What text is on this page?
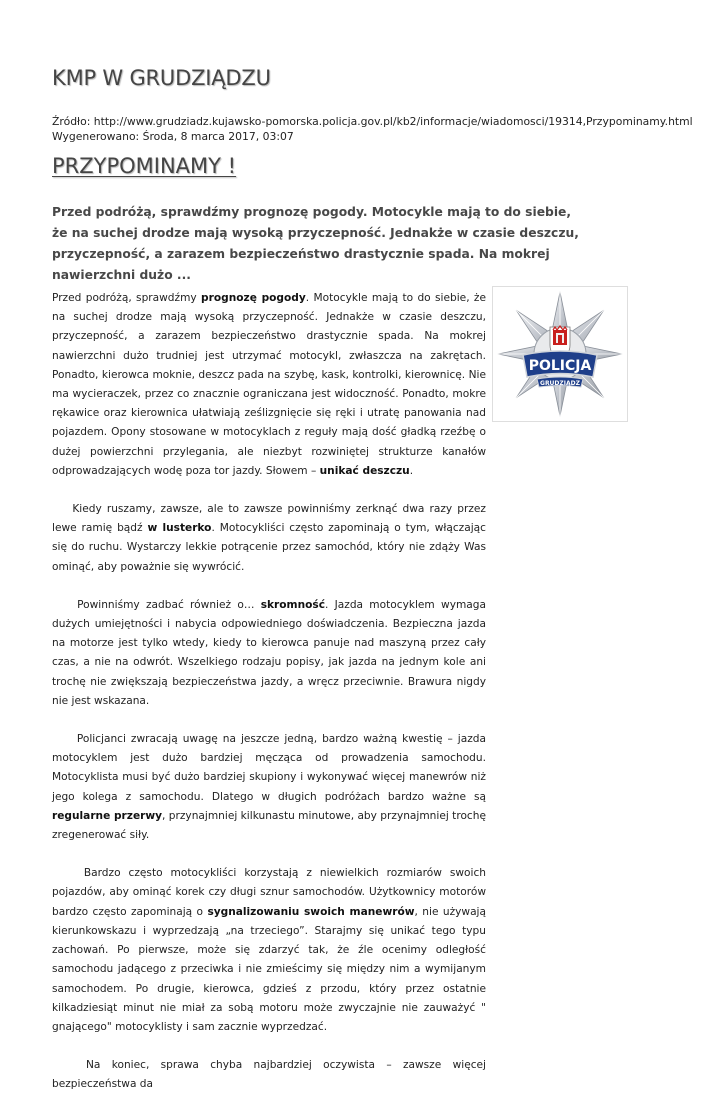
KMP W GRUDZIĄDZU
Źródło: http://www.grudziadz.kujawsko-pomorska.policja.gov.pl/kb2/informacje/wiadomosci/19314,Przypominamy.html
Wygenerowano: Środa, 8 marca 2017, 03:07
PRZYPOMINAMY !
Przed podróżą, sprawdźmy prognozę pogody. Motocykle mają to do siebie, że na suchej drodze mają wysoką przyczepność. Jednakże w czasie deszczu, przyczepność, a zarazem bezpieczeństwo drastycznie spada. Na mokrej nawierzchni dużo ...
POLICJA
GRUDZIĄDZ

Przed podróżą, sprawdźmy prognozę pogody. Motocykle mają to do siebie, że na suchej drodze mają wysoką przyczepność. Jednakże w czasie deszczu, przyczepność, a zarazem bezpieczeństwo drastycznie spada. Na mokrej nawierzchni dużo trudniej jest utrzymać motocykl, zwłaszcza na zakrętach. Ponadto, kierowca moknie, deszcz pada na szybę, kask, kontrolki, kierownicę. Nie ma wycieraczek, przez co znacznie ograniczana jest widoczność. Ponadto, mokre rękawice oraz kierownica ułatwiają ześlizgnięcie się ręki i utratę panowania nad pojazdem. Opony stosowane w motocyklach z reguły mają dość gładką rzeźbę o dużej powierzchni przylegania, ale niezbyt rozwiniętej strukturze kanałów odprowadzających wodę poza tor jazdy. Słowem – unikać deszczu.

Kiedy ruszamy, zawsze, ale to zawsze powinniśmy zerknąć dwa razy przez lewe ramię bądź w lusterko. Motocykliści często zapominają o tym, włączając się do ruchu. Wystarczy lekkie potrącenie przez samochód, który nie zdąży Was ominąć, aby poważnie się wywrócić.

Powinniśmy zadbać również o… skromność. Jazda motocyklem wymaga dużych umiejętności i nabycia odpowiedniego doświadczenia. Bezpieczna jazda na motorze jest tylko wtedy, kiedy to kierowca panuje nad maszyną przez cały czas, a nie na odwrót. Wszelkiego rodzaju popisy, jak jazda na jednym kole ani trochę nie zwiększają bezpieczeństwa jazdy, a wręcz przeciwnie. Brawura nigdy nie jest wskazana.

Policjanci zwracają uwagę na jeszcze jedną, bardzo ważną kwestię – jazda motocyklem jest dużo bardziej męcząca od prowadzenia samochodu. Motocyklista musi być dużo bardziej skupiony i wykonywać więcej manewrów niż jego kolega z samochodu. Dlatego w długich podróżach bardzo ważne są regularne przerwy, przynajmniej kilkunastu minutowe, aby przynajmniej trochę zregenerować siły.

Bardzo często motocykliści korzystają z niewielkich rozmiarów swoich pojazdów, aby ominąć korek czy długi sznur samochodów. Użytkownicy motorów bardzo często zapominają o sygnalizowaniu swoich manewrów, nie używają kierunkowskazu i wyprzedzają „na trzeciego”. Starajmy się unikać tego typu zachowań. Po pierwsze, może się zdarzyć tak, że źle ocenimy odległość samochodu jadącego z przeciwka i nie zmieścimy się między nim a wymijanym samochodem. Po drugie, kierowca, gdzieś z przodu, który przez ostatnie kilkadziesiąt minut nie miał za sobą motoru może zwyczajnie nie zauważyć " gnającego" motocyklisty i sam zacznie wyprzedzać.

Na koniec, sprawa chyba najbardziej oczywista – zawsze więcej bezpieczeństwa da
